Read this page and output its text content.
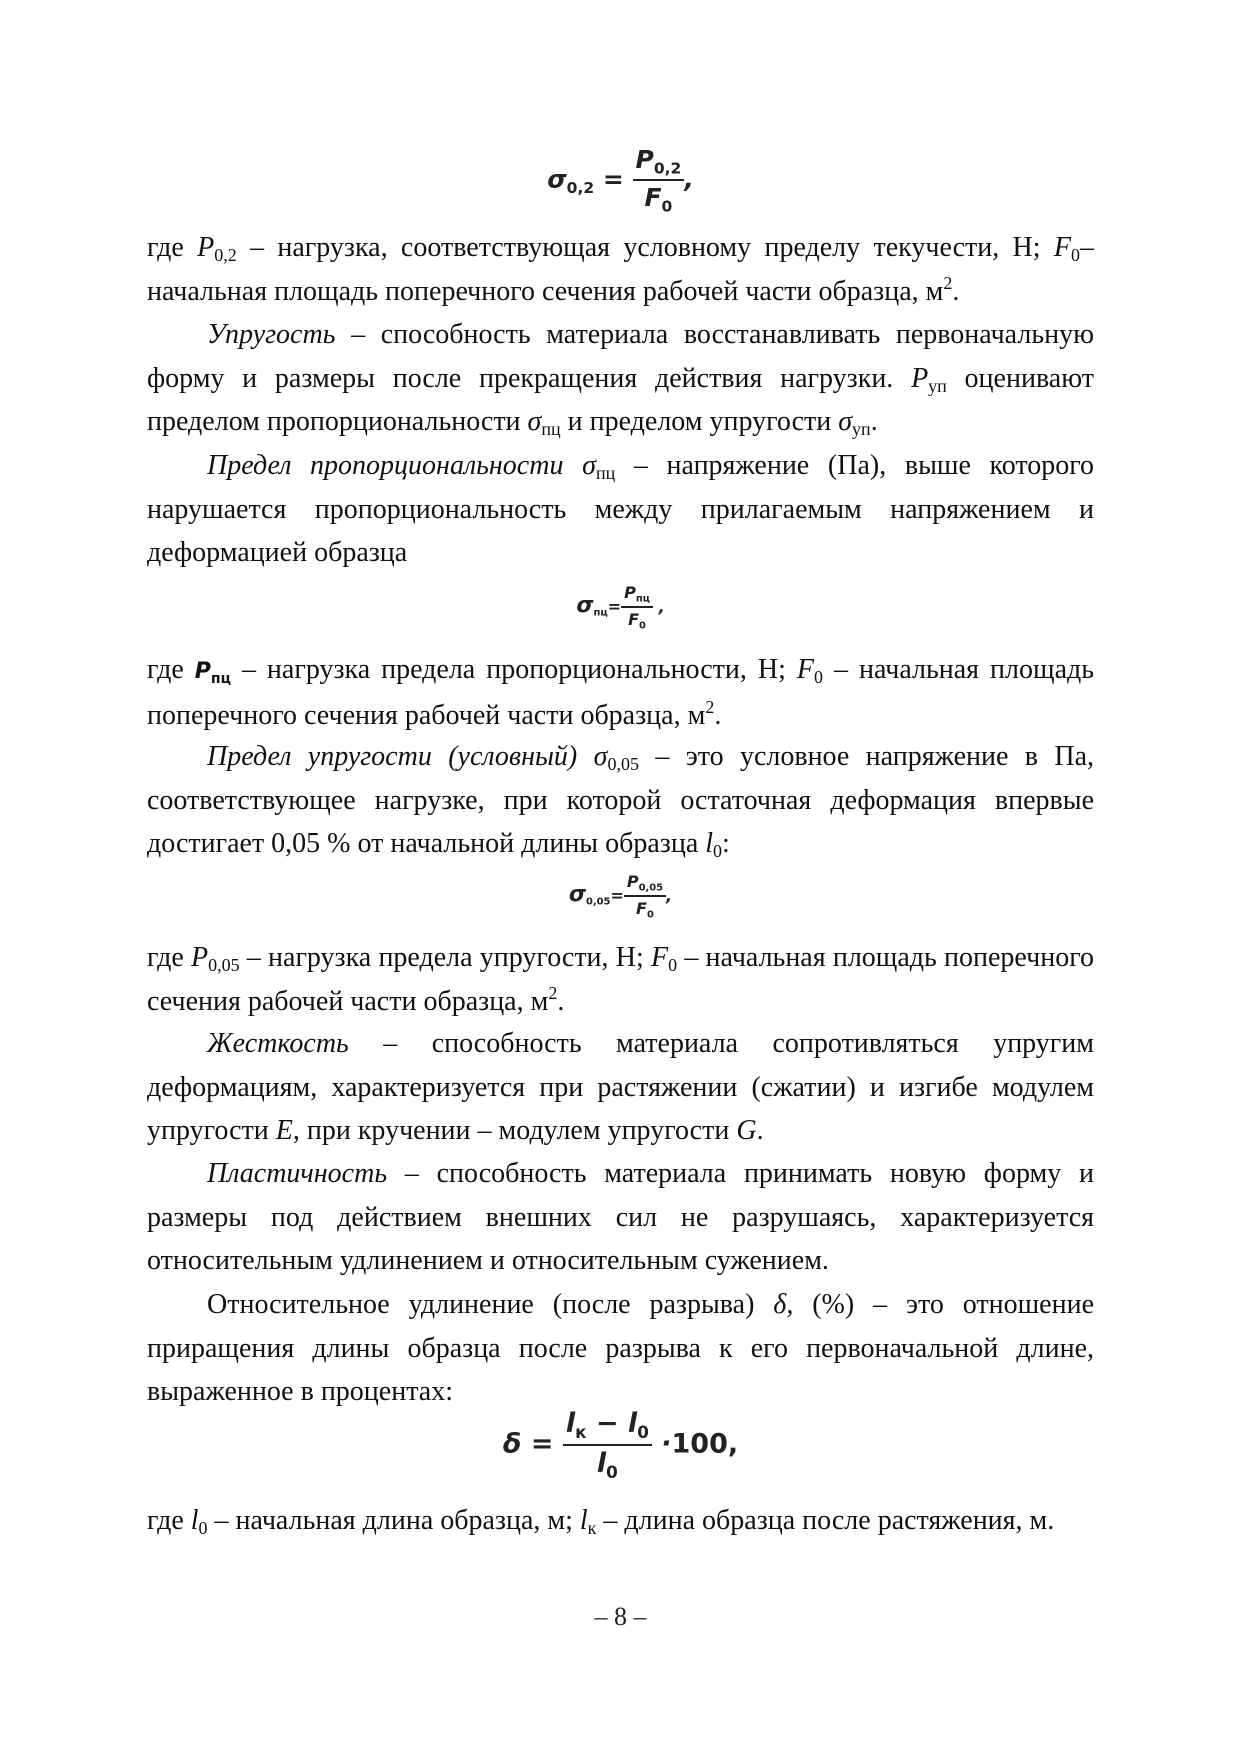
$\sigma_{0,2} = \frac{P_{0,2}}{F_0}$ ,

где $P_{0,2}$ – нагрузка, соответствующая условному пределу текучести, Н; $F_0-$ начальная площадь поперечного сечения рабочей части образца, $м^2$.

Упругость – способность материала восстанавливать первоначальную форму и размеры после прекращения действия нагрузки. $P_{уп}$ оценивают пределом пропорциональности $\sigma_{пц}$ и пределом упругости $\sigma_{уп}$.

Предел пропорциональности $\sigma_{пц}$ – напряжение (Па), выше которого нарушается пропорциональность между прилагаемым напряжением и деформацией образца

$\sigma_{пц}= \frac{P_{пц}}{F_0}$ ,

где $P_{пц}$ – нагрузка предела пропорциональности, Н; $F_0$ – начальная площадь поперечного сечения рабочей части образца, $м^2$.

Предел упругости (условный) $\sigma_{0,05}$ – это условное напряжение в Па, соответствующее нагрузке, при которой остаточная деформация впервые достигает 0,05 % от начальной длины образца $l_0$:

$\sigma_{0,05}= \frac{P_{0,05}}{F_0}$ ,

где $P_{0,05}$ – нагрузка предела упругости, Н; $F_0$ – начальная площадь поперечного сечения рабочей части образца, $м^2$.

Жесткость – способность материала сопротивляться упругим деформациям, характеризуется при растяжении (сжатии) и изгибе модулем упругости E, при кручении – модулем упругости G.

Пластичность – способность материала принимать новую форму и размеры под действием внешних сил не разрушаясь, характеризуется относительным удлинением и относительным сужением.

Относительное удлинение (после разрыва) δ, (%) – это отношение приращения длины образца после разрыва к его первоначальной длине, выраженное в процентах:

$\delta = \frac{l_к - l_0}{l_0} \cdot 100$,

где $l_0$ – начальная длина образца, м; $l_к$ – длина образца после растяжения, м.

– 8 –
